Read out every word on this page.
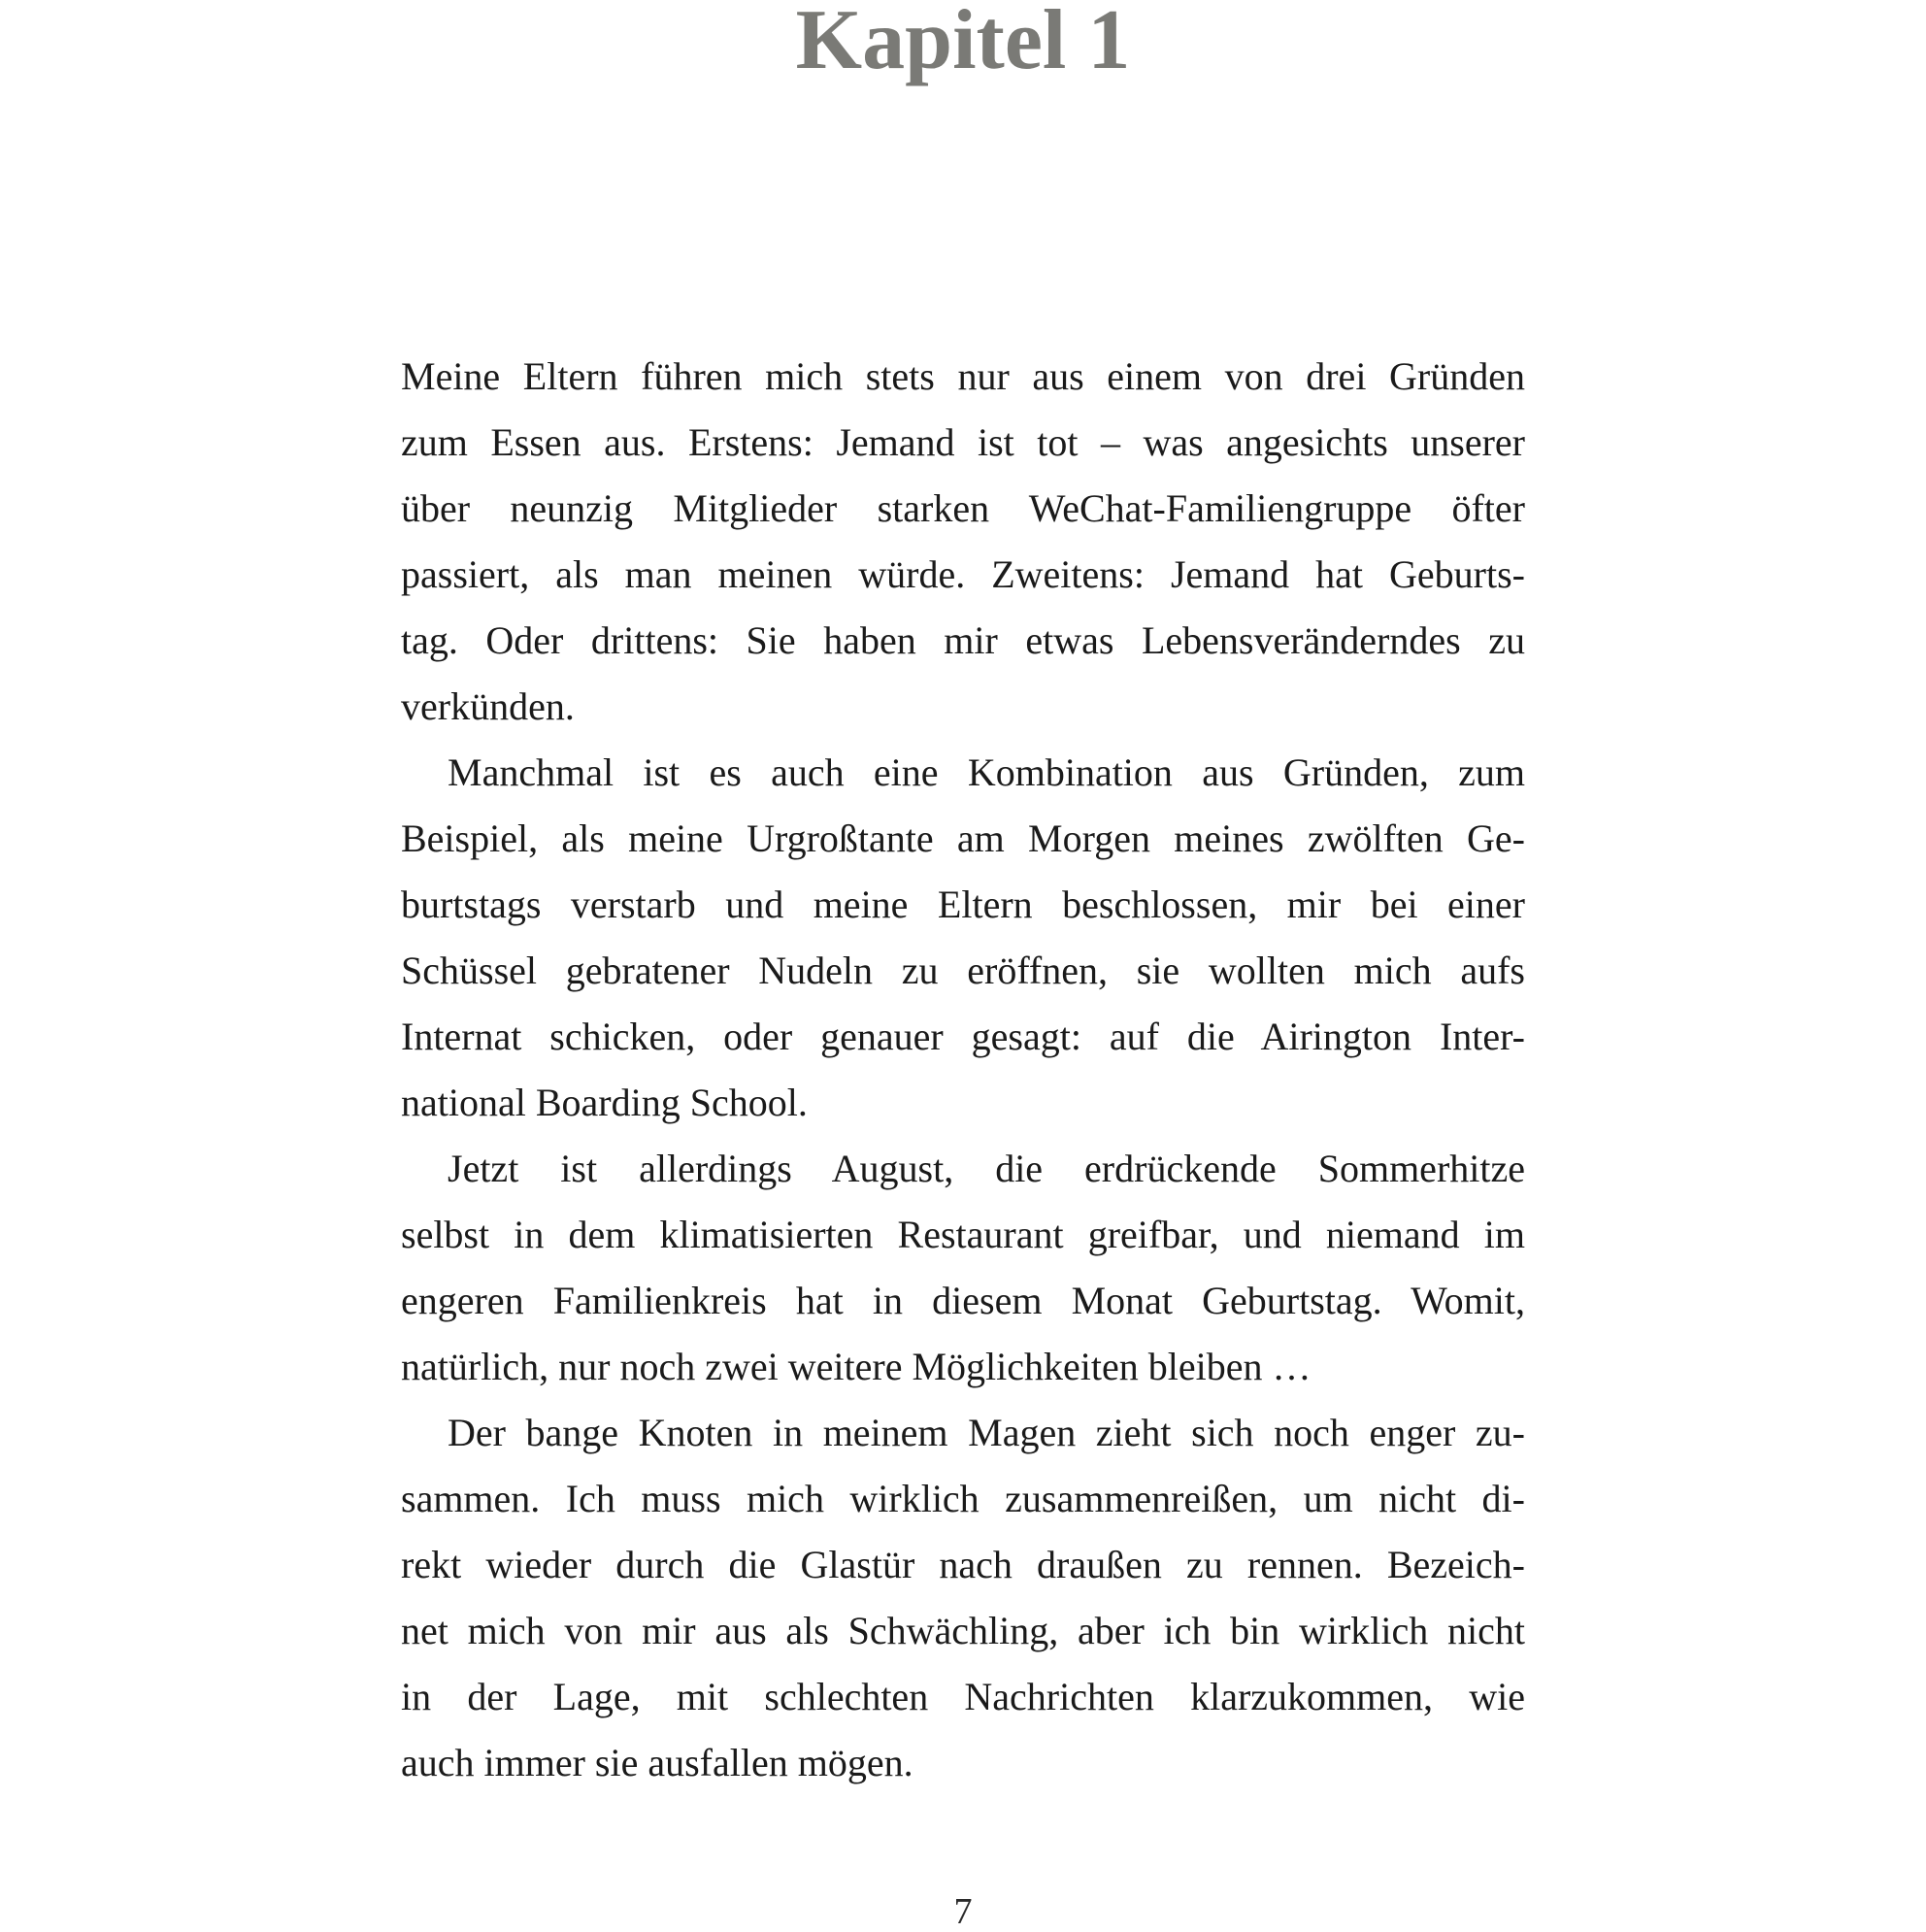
Kapitel 1

Meine Eltern führen mich stets nur aus einem von drei Gründen
zum Essen aus. Erstens: Jemand ist tot – was angesichts unserer
über neunzig Mitglieder starken WeChat-Familiengruppe öfter
passiert, als man meinen würde. Zweitens: Jemand hat Geburts-
tag. Oder drittens: Sie haben mir etwas Lebensveränderndes zu
verkünden.

Manchmal ist es auch eine Kombination aus Gründen, zum
Beispiel, als meine Urgroßtante am Morgen meines zwölften Ge-
burtstags verstarb und meine Eltern beschlossen, mir bei einer
Schüssel gebratener Nudeln zu eröffnen, sie wollten mich aufs
Internat schicken, oder genauer gesagt: auf die Airington Inter-
national Boarding School.

Jetzt ist allerdings August, die erdrückende Sommerhitze
selbst in dem klimatisierten Restaurant greifbar, und niemand im
engeren Familienkreis hat in diesem Monat Geburtstag. Womit,
natürlich, nur noch zwei weitere Möglichkeiten bleiben …

Der bange Knoten in meinem Magen zieht sich noch enger zu-
sammen. Ich muss mich wirklich zusammenreißen, um nicht di-
rekt wieder durch die Glastür nach draußen zu rennen. Bezeich-
net mich von mir aus als Schwächling, aber ich bin wirklich nicht
in der Lage, mit schlechten Nachrichten klarzukommen, wie
auch immer sie ausfallen mögen.

7
